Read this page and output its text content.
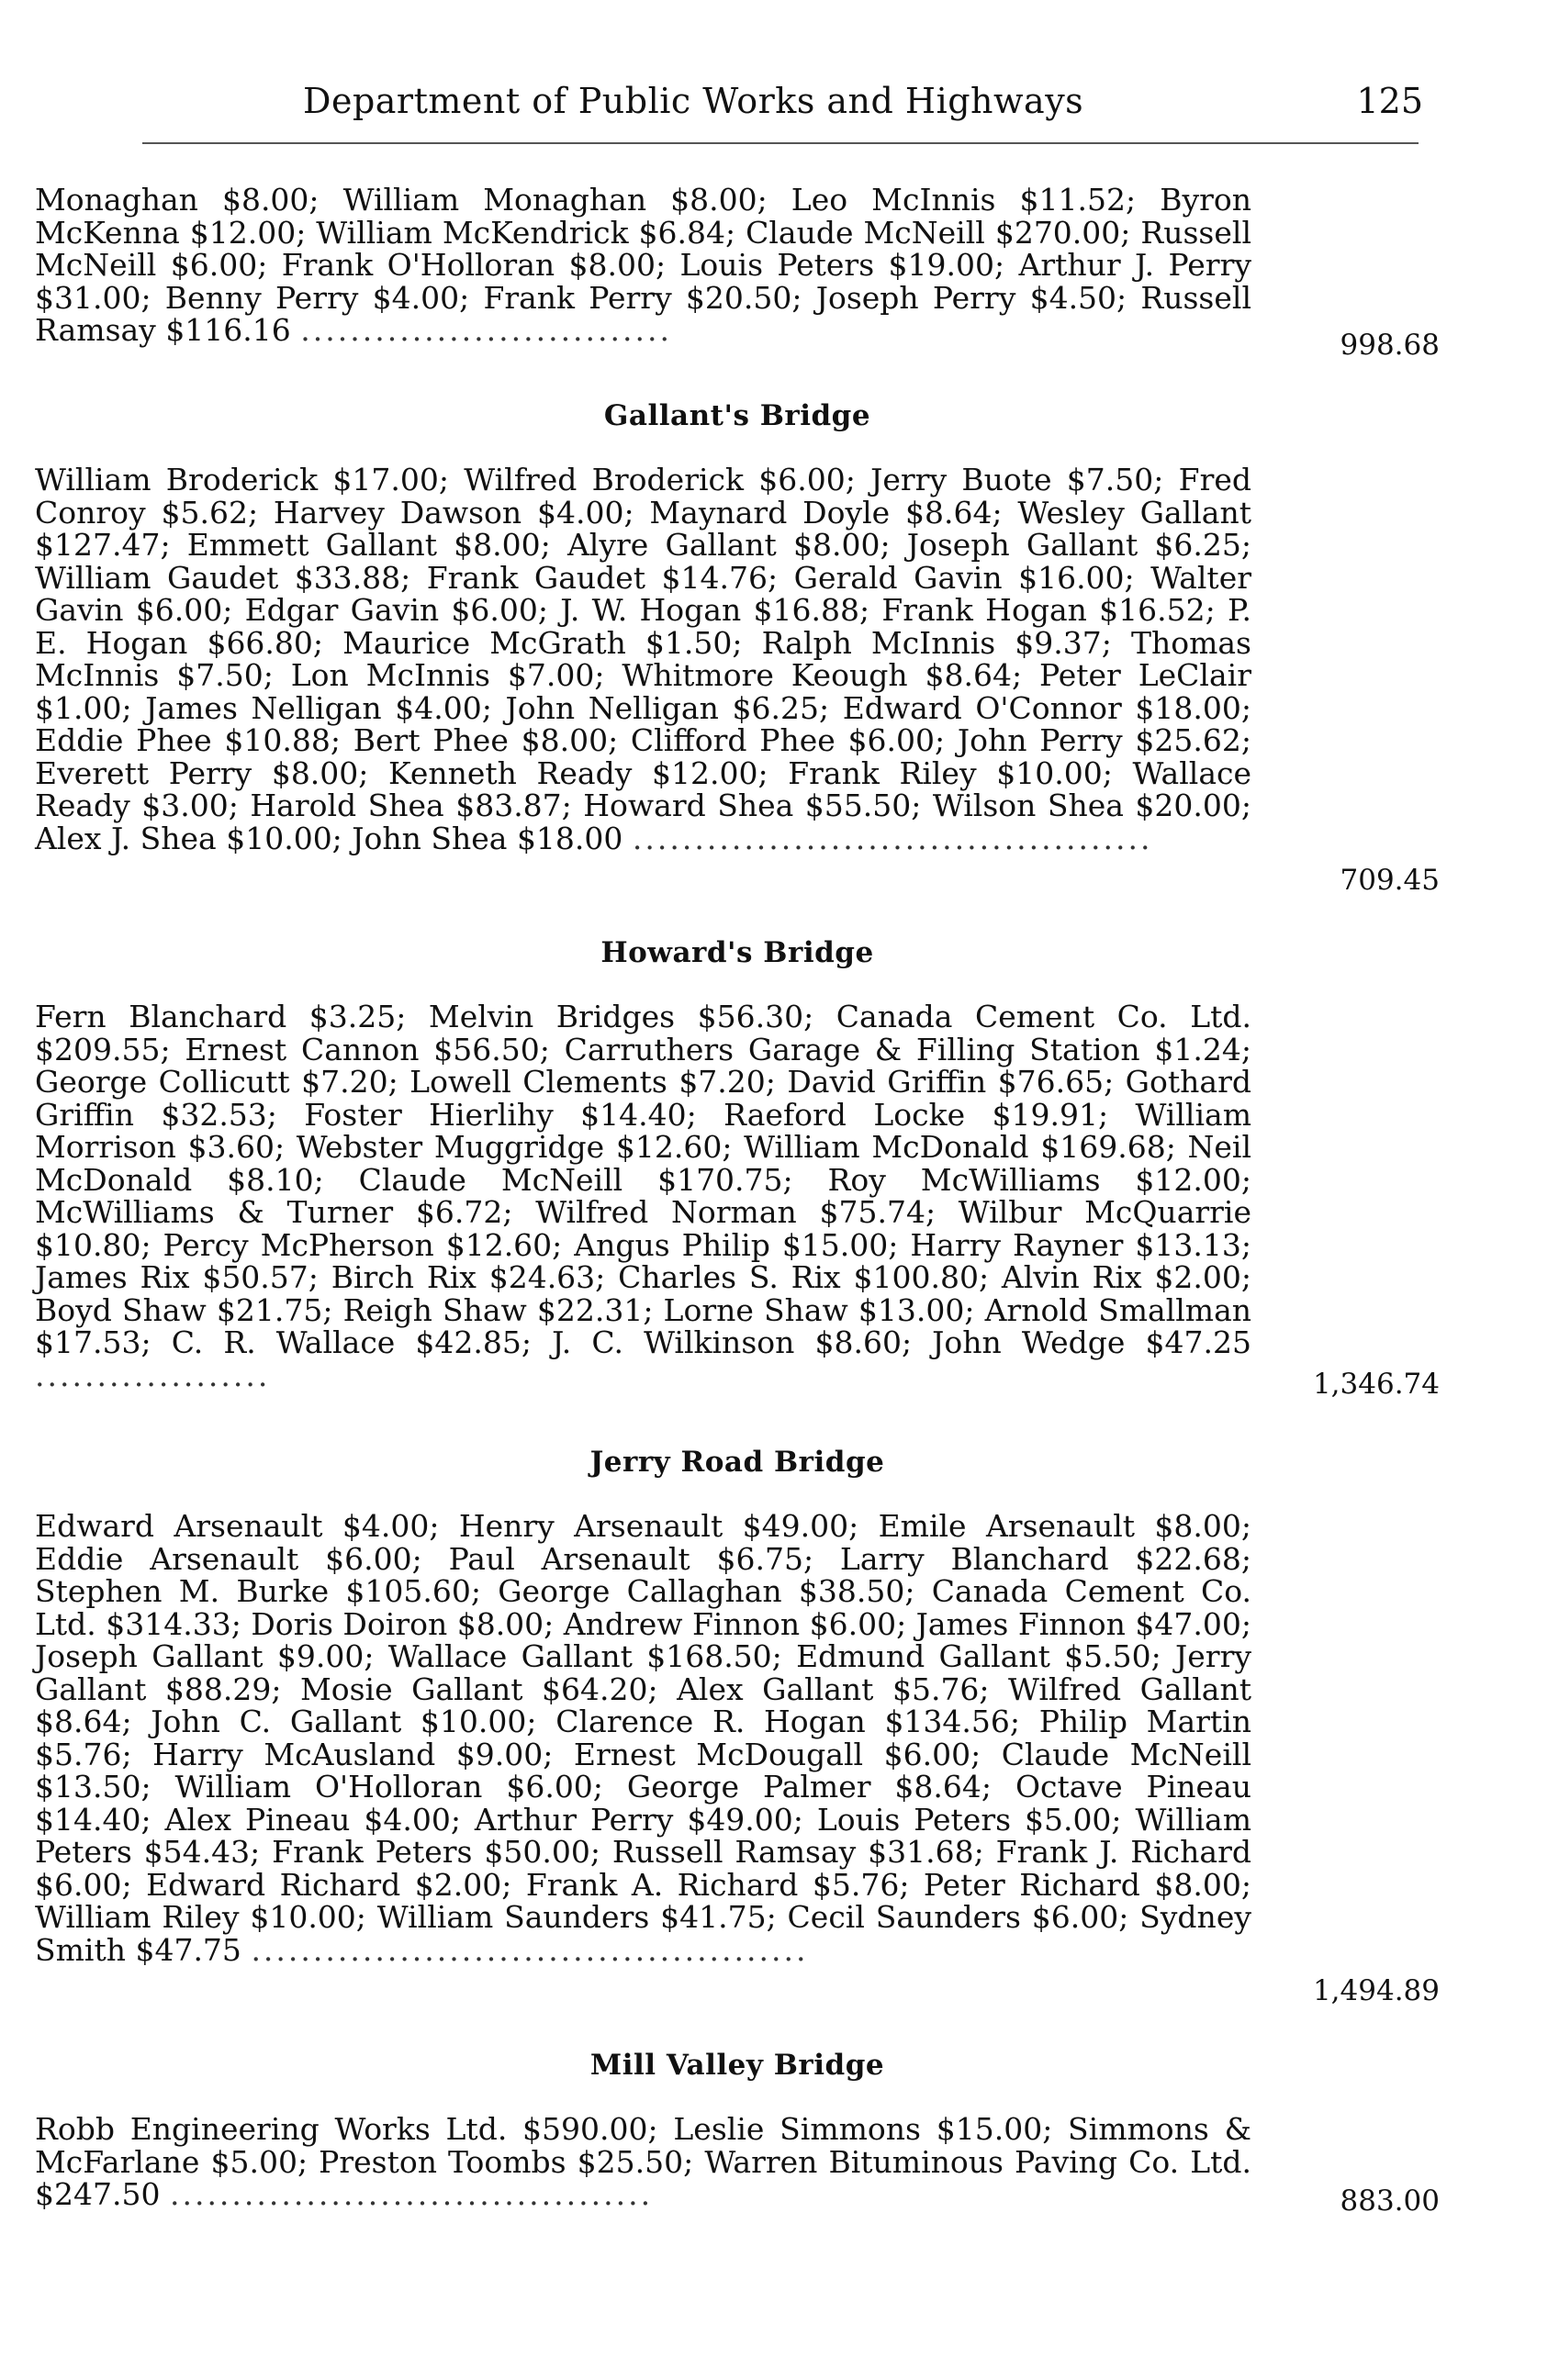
Department of Public Works and Highways	125
Monaghan $8.00; William Monaghan $8.00; Leo McInnis $11.52; Byron McKenna $12.00; William McKendrick $6.84; Claude McNeill $270.00; Russell McNeill $6.00; Frank O'Holloran $8.00; Louis Peters $19.00; Arthur J. Perry $31.00; Benny Perry $4.00; Frank Perry $20.50; Joseph Perry $4.50; Russell Ramsay $116.16 ..............................	998.68
Gallant's Bridge
William Broderick $17.00; Wilfred Broderick $6.00; Jerry Buote $7.50; Fred Conroy $5.62; Harvey Dawson $4.00; Maynard Doyle $8.64; Wesley Gallant $127.47; Emmett Gallant $8.00; Alyre Gallant $8.00; Joseph Gallant $6.25; William Gaudet $33.88; Frank Gaudet $14.76; Gerald Gavin $16.00; Walter Gavin $6.00; Edgar Gavin $6.00; J. W. Hogan $16.88; Frank Hogan $16.52; P. E. Hogan $66.80; Maurice McGrath $1.50; Ralph McInnis $9.37; Thomas McInnis $7.50; Lon McInnis $7.00; Whitmore Keough $8.64; Peter LeClair $1.00; James Nelligan $4.00; John Nelligan $6.25; Edward O'Connor $18.00; Eddie Phee $10.88; Bert Phee $8.00; Clifford Phee $6.00; John Perry $25.62; Everett Perry $8.00; Kenneth Ready $12.00; Frank Riley $10.00; Wallace Ready $3.00; Harold Shea $83.87; Howard Shea $55.50; Wilson Shea $20.00; Alex J. Shea $10.00; John Shea $18.00 ..........................................
709.45
Howard's Bridge
Fern Blanchard $3.25; Melvin Bridges $56.30; Canada Cement Co. Ltd. $209.55; Ernest Cannon $56.50; Carruthers Garage & Filling Station $1.24; George Collicutt $7.20; Lowell Clements $7.20; David Griffin $76.65; Gothard Griffin $32.53; Foster Hierlihy $14.40; Raeford Locke $19.91; William Morrison $3.60; Webster Muggridge $12.60; William McDonald $169.68; Neil McDonald $8.10; Claude McNeill $170.75; Roy McWilliams $12.00; McWilliams & Turner $6.72; Wilfred Norman $75.74; Wilbur McQuarrie $10.80; Percy McPherson $12.60; Angus Philip $15.00; Harry Rayner $13.13; James Rix $50.57; Birch Rix $24.63; Charles S. Rix $100.80; Alvin Rix $2.00; Boyd Shaw $21.75; Reigh Shaw $22.31; Lorne Shaw $13.00; Arnold Smallman $17.53; C. R. Wallace $42.85; J. C. Wilkinson $8.60; John Wedge $47.25 ...................	1,346.74
Jerry Road Bridge
Edward Arsenault $4.00; Henry Arsenault $49.00; Emile Arsenault $8.00; Eddie Arsenault $6.00; Paul Arsenault $6.75; Larry Blanchard $22.68; Stephen M. Burke $105.60; George Callaghan $38.50; Canada Cement Co. Ltd. $314.33; Doris Doiron $8.00; Andrew Finnon $6.00; James Finnon $47.00; Joseph Gallant $9.00; Wallace Gallant $168.50; Edmund Gallant $5.50; Jerry Gallant $88.29; Mosie Gallant $64.20; Alex Gallant $5.76; Wilfred Gallant $8.64; John C. Gallant $10.00; Clarence R. Hogan $134.56; Philip Martin $5.76; Harry McAusland $9.00; Ernest McDougall $6.00; Claude McNeill $13.50; William O'Holloran $6.00; George Palmer $8.64; Octave Pineau $14.40; Alex Pineau $4.00; Arthur Perry $49.00; Louis Peters $5.00; William Peters $54.43; Frank Peters $50.00; Russell Ramsay $31.68; Frank J. Richard $6.00; Edward Richard $2.00; Frank A. Richard $5.76; Peter Richard $8.00; William Riley $10.00; William Saunders $41.75; Cecil Saunders $6.00; Sydney Smith $47.75 .............................................
1,494.89
Mill Valley Bridge
Robb Engineering Works Ltd. $590.00; Leslie Simmons $15.00; Simmons & McFarlane $5.00; Preston Toombs $25.50; Warren Bituminous Paving Co. Ltd. $247.50 .......................................	883.00
